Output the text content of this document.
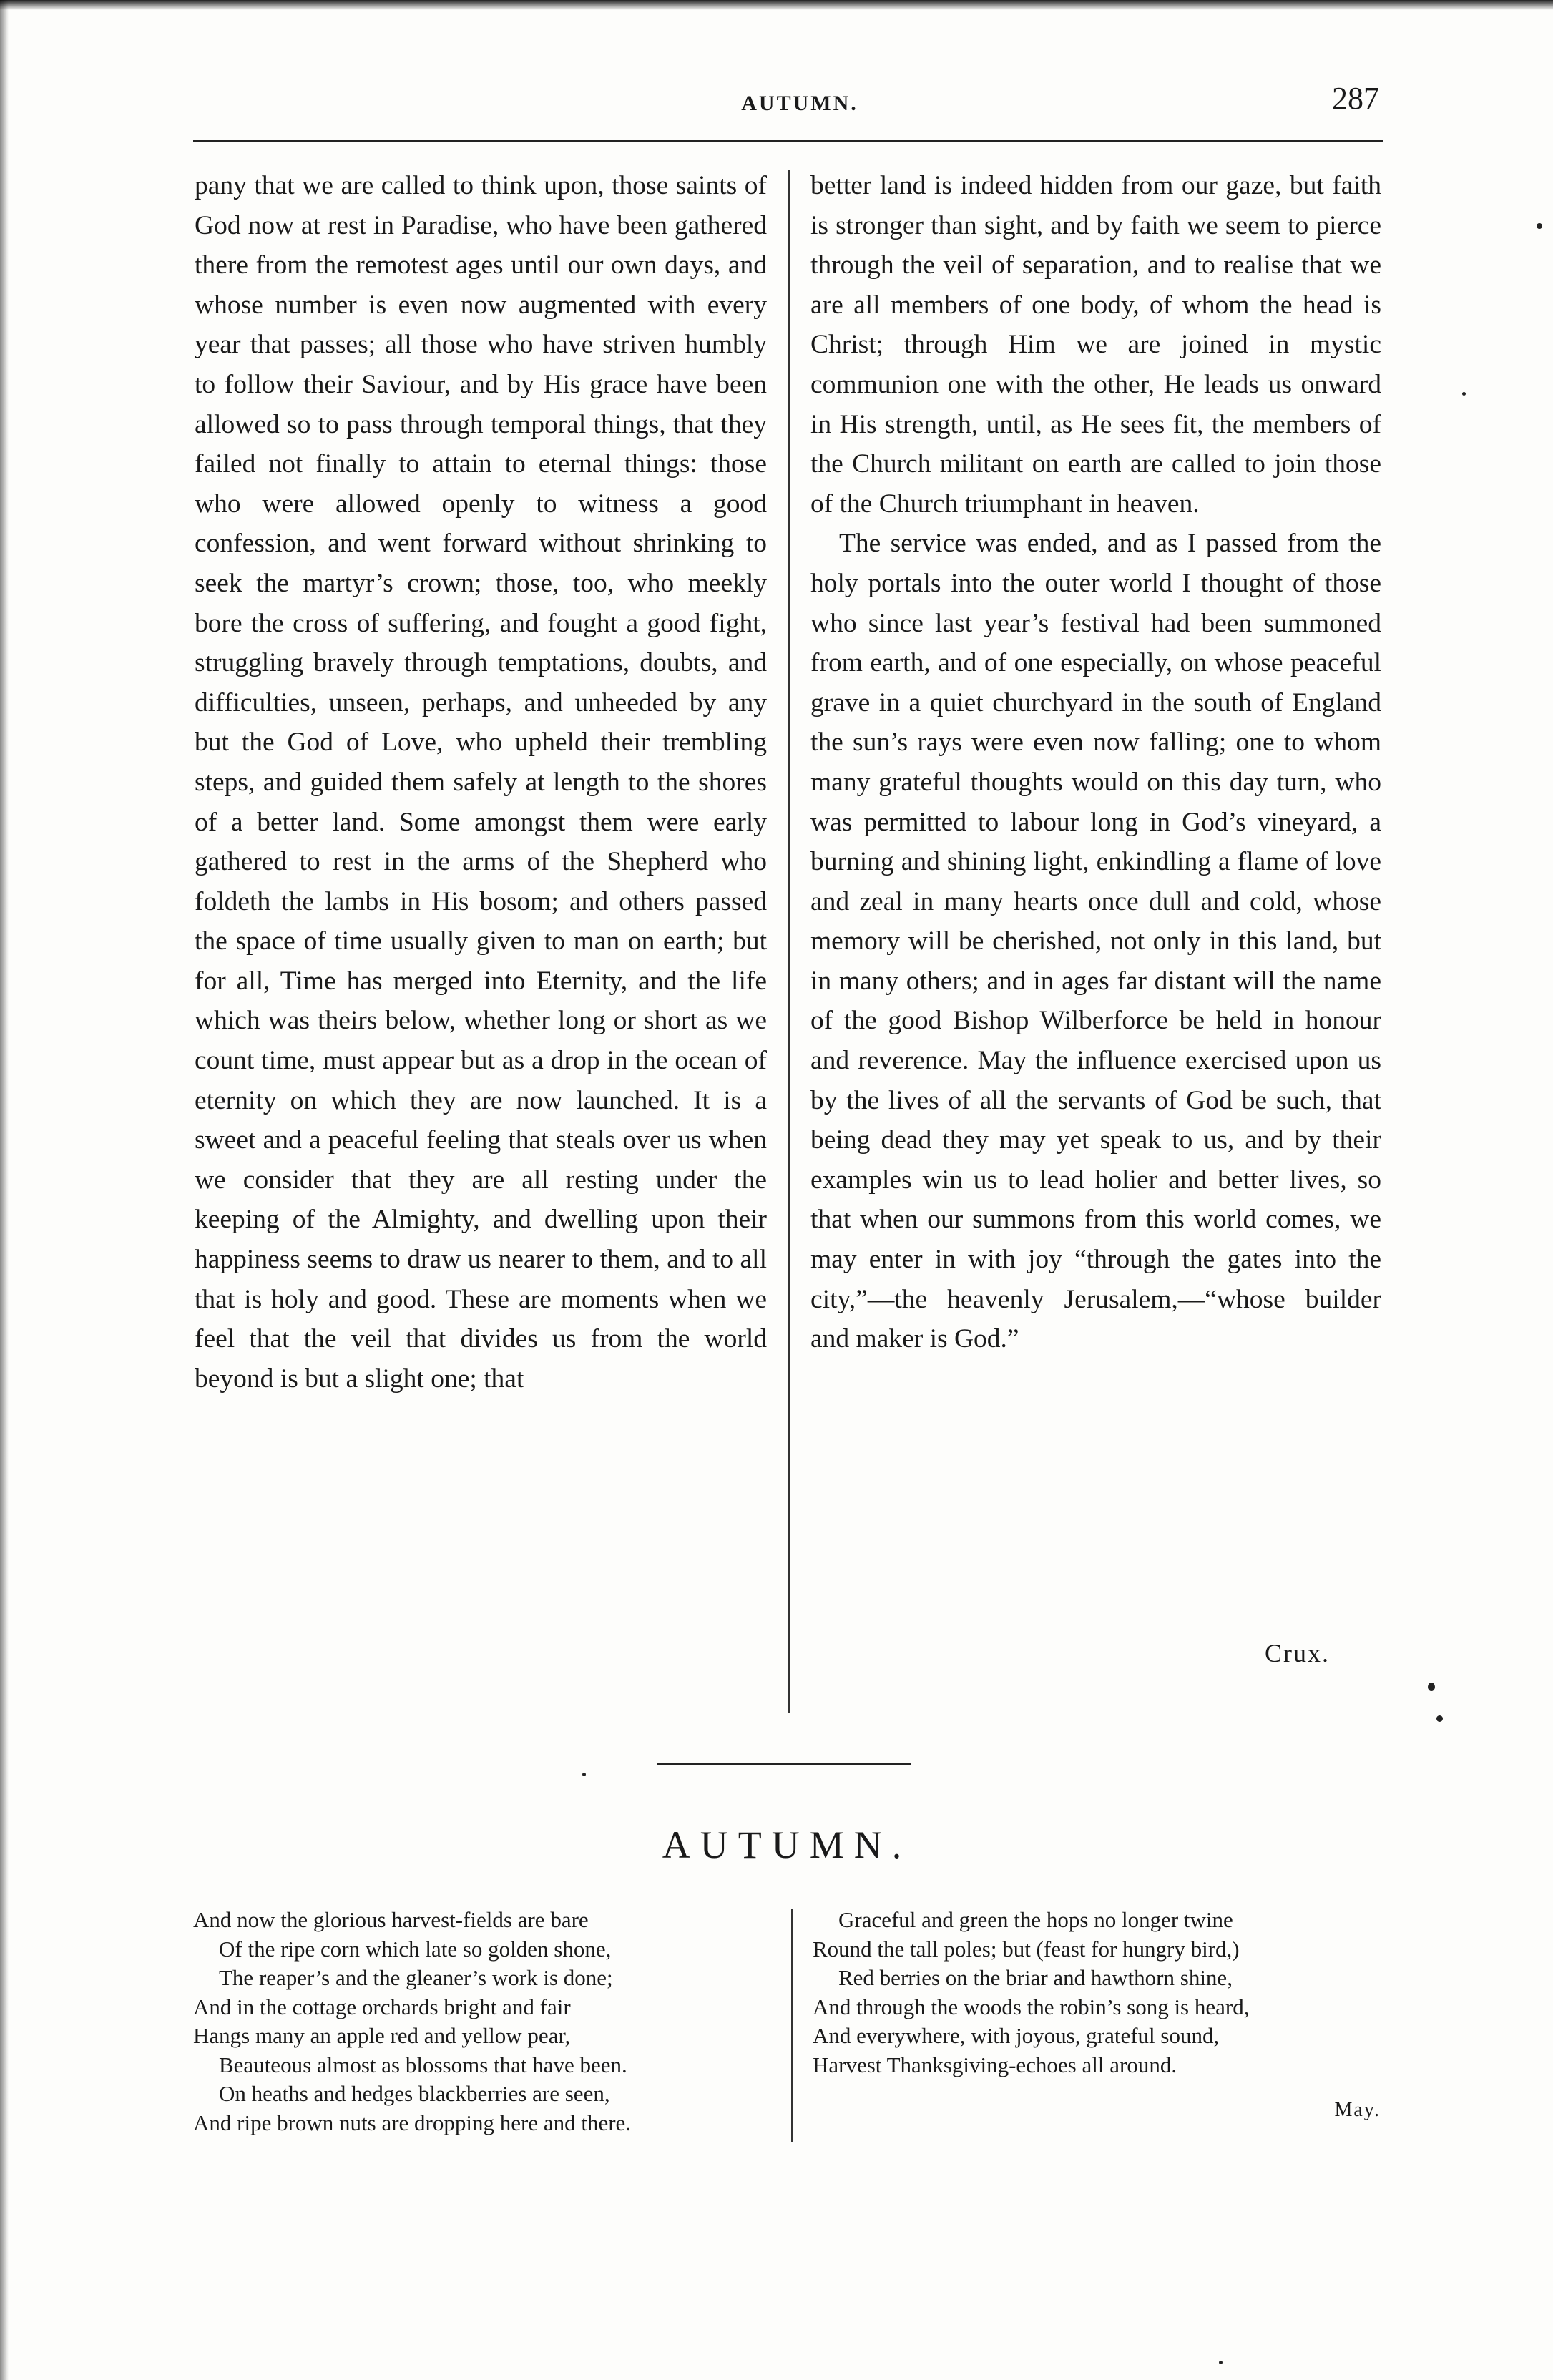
AUTUMN.	287

pany that we are called to think upon, those saints of God now at rest in Paradise, who have been gathered there from the remotest ages until our own days, and whose number is even now augmented with every year that passes; all those who have striven humbly to follow their Saviour, and by His grace have been allowed so to pass through temporal things, that they failed not finally to attain to eternal things: those who were allowed openly to witness a good confession, and went forward without shrinking to seek the martyr’s crown; those, too, who meekly bore the cross of suffering, and fought a good fight, struggling bravely through temptations, doubts, and difficulties, unseen, perhaps, and unheeded by any but the God of Love, who upheld their trembling steps, and guided them safely at length to the shores of a better land. Some amongst them were early gathered to rest in the arms of the Shepherd who foldeth the lambs in His bosom; and others passed the space of time usually given to man on earth; but for all, Time has merged into Eternity, and the life which was theirs below, whether long or short as we count time, must appear but as a drop in the ocean of eternity on which they are now launched. It is a sweet and a peaceful feeling that steals over us when we consider that they are all resting under the keeping of the Almighty, and dwelling upon their happiness seems to draw us nearer to them, and to all that is holy and good. These are moments when we feel that the veil that divides us from the world beyond is but a slight one; that

better land is indeed hidden from our gaze, but faith is stronger than sight, and by faith we seem to pierce through the veil of separation, and to realise that we are all members of one body, of whom the head is Christ; through Him we are joined in mystic communion one with the other, He leads us onward in His strength, until, as He sees fit, the members of the Church militant on earth are called to join those of the Church triumphant in heaven.

The service was ended, and as I passed from the holy portals into the outer world I thought of those who since last year’s festival had been summoned from earth, and of one especially, on whose peaceful grave in a quiet churchyard in the south of England the sun’s rays were even now falling; one to whom many grateful thoughts would on this day turn, who was permitted to labour long in God’s vineyard, a burning and shining light, enkindling a flame of love and zeal in many hearts once dull and cold, whose memory will be cherished, not only in this land, but in many others; and in ages far distant will the name of the good Bishop Wilberforce be held in honour and reverence. May the influence exercised upon us by the lives of all the servants of God be such, that being dead they may yet speak to us, and by their examples win us to lead holier and better lives, so that when our summons from this world comes, we may enter in with joy “through the gates into the city,”—the heavenly Jerusalem,—“whose builder and maker is God.”

Crux.
AUTUMN.
And now the glorious harvest-fields are bare
Of the ripe corn which late so golden shone,
The reaper’s and the gleaner’s work is done;
And in the cottage orchards bright and fair
Hangs many an apple red and yellow pear,
Beauteous almost as blossoms that have been.
On heaths and hedges blackberries are seen,
And ripe brown nuts are dropping here and there.
Graceful and green the hops no longer twine
Round the tall poles; but (feast for hungry bird,)
Red berries on the briar and hawthorn shine,
And through the woods the robin’s song is heard,
And everywhere, with joyous, grateful sound,
Harvest Thanksgiving-echoes all around.
May.
